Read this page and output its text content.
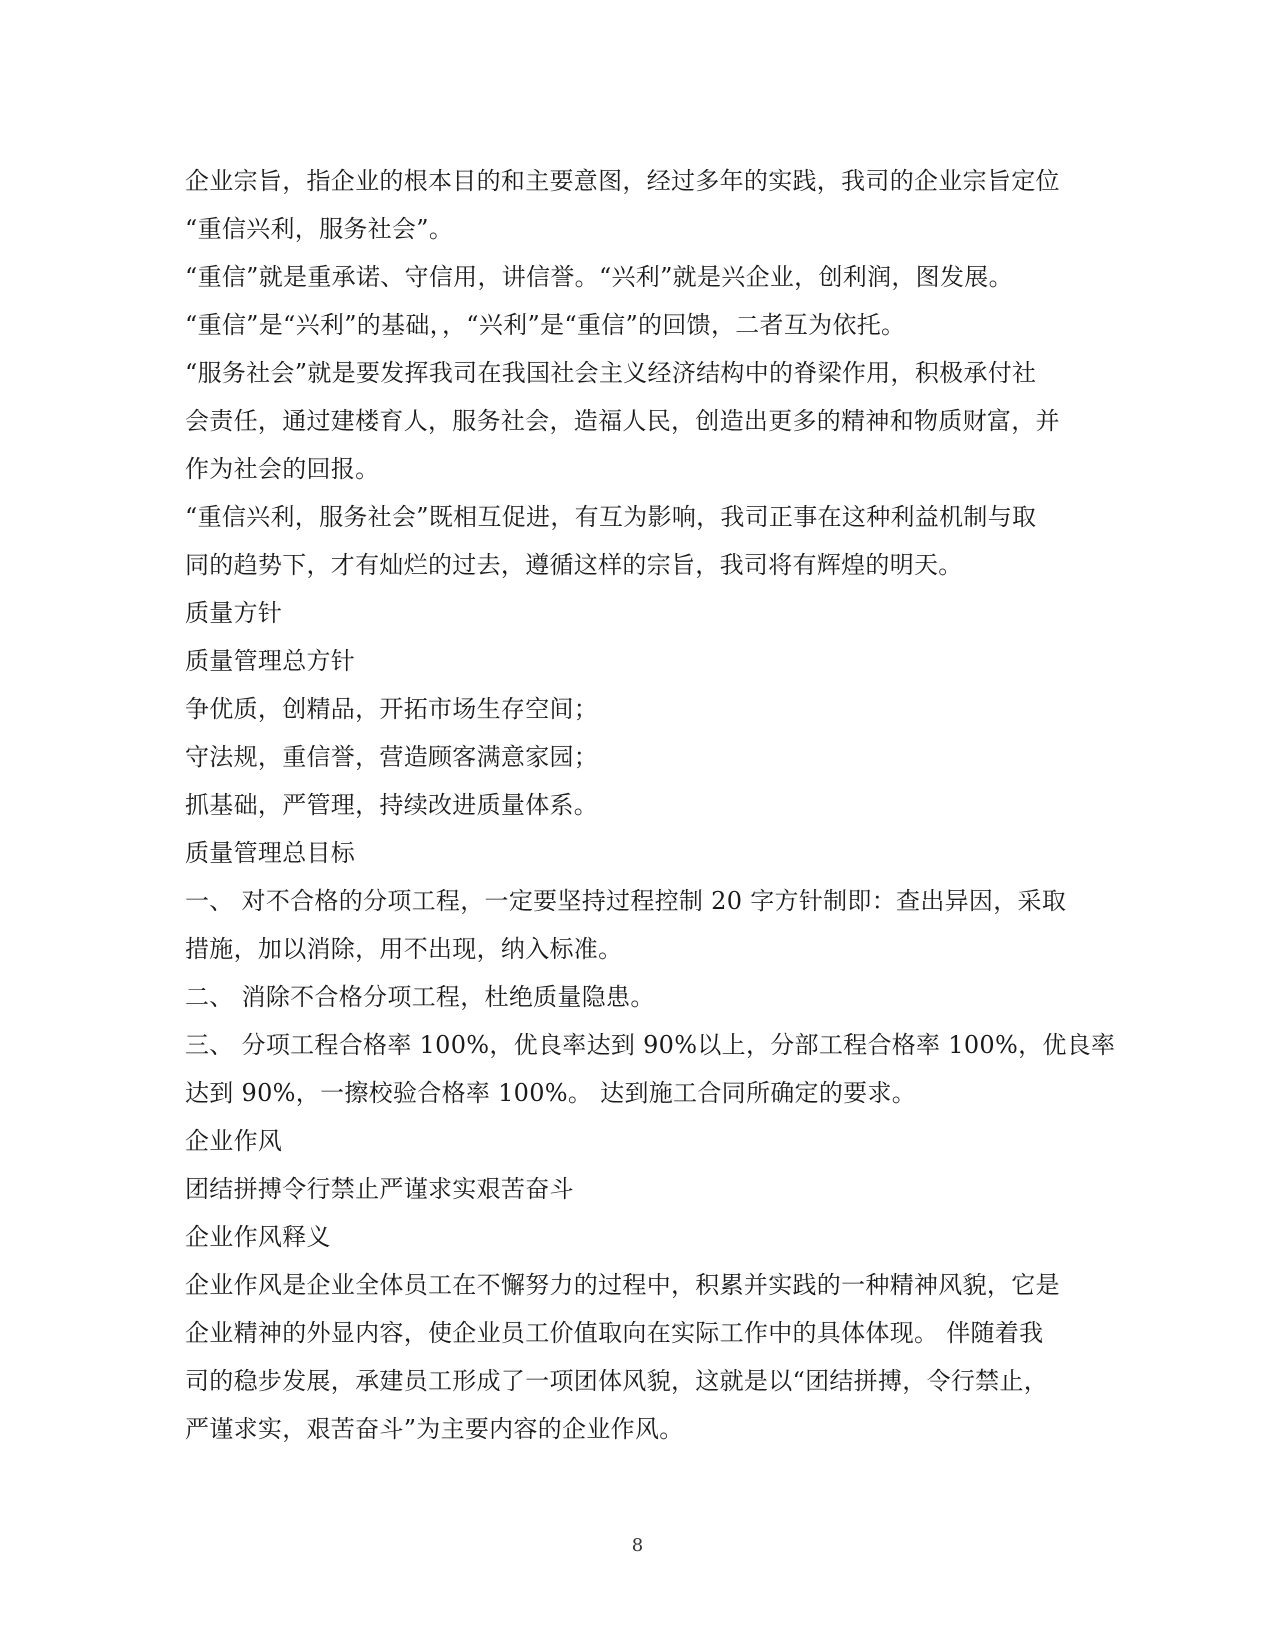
企业宗旨，指企业的根本目的和主要意图，经过多年的实践，我司的企业宗旨定位
“重信兴利，服务社会”。
“重信”就是重承诺、守信用，讲信誉。“兴利”就是兴企业，创利润，图发展。
“重信”是“兴利”的基础，，“兴利”是“重信”的回馈，二者互为依托。
“服务社会”就是要发挥我司在我国社会主义经济结构中的脊梁作用，积极承付社
会责任，通过建楼育人，服务社会，造福人民，创造出更多的精神和物质财富，并
作为社会的回报。
“重信兴利，服务社会”既相互促进，有互为影响，我司正事在这种利益机制与取
同的趋势下，才有灿烂的过去，遵循这样的宗旨，我司将有辉煌的明天。
质量方针
质量管理总方针
争优质，创精品，开拓市场生存空间；
守法规，重信誉，营造顾客满意家园；
抓基础，严管理，持续改进质量体系。
质量管理总目标
一、 对不合格的分项工程，一定要坚持过程控制 20 字方针制即：查出异因，采取
措施，加以消除，用不出现，纳入标准。
二、 消除不合格分项工程，杜绝质量隐患。
三、 分项工程合格率 100%，优良率达到 90%以上，分部工程合格率 100%，优良率
达到 90%，一擦校验合格率 100%。 达到施工合同所确定的要求。
企业作风
团结拼搏令行禁止严谨求实艰苦奋斗
企业作风释义
企业作风是企业全体员工在不懈努力的过程中，积累并实践的一种精神风貌，它是
企业精神的外显内容，使企业员工价值取向在实际工作中的具体体现。 伴随着我
司的稳步发展，承建员工形成了一项团体风貌，这就是以“团结拼搏，令行禁止，
严谨求实，艰苦奋斗”为主要内容的企业作风。
8
